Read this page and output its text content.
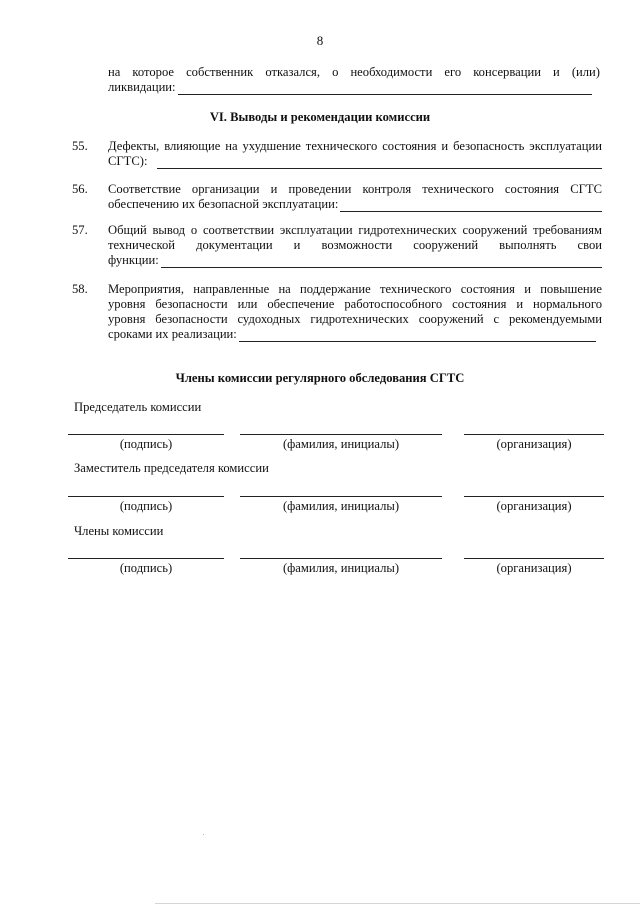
8
на которое собственник отказался, о необходимости его консервации и (или)
ликвидации:
VI. Выводы и рекомендации комиссии
55.	Дефекты, влияющие на ухудшение технического состояния и безопасность эксплуатации
СГТС):
56.	Соответствие организации и проведении контроля технического состояния СГТС
обеспечению их безопасной эксплуатации:
57.	Общий вывод о соответствии эксплуатации гидротехнических сооружений требованиям
технической документации и возможности сооружений выполнять свои
функции:
58.	Мероприятия, направленные на поддержание технического состояния и повышение
уровня безопасности или обеспечение работоспособного состояния и нормального
уровня безопасности судоходных гидротехнических сооружений с рекомендуемыми
сроками их реализации:
Члены комиссии регулярного обследования СГТС
Председатель комиссии
(подпись)	(фамилия, инициалы)	(организация)
Заместитель председателя комиссии
(подпись)	(фамилия, инициалы)	(организация)
Члены комиссии
(подпись)	(фамилия, инициалы)	(организация)
